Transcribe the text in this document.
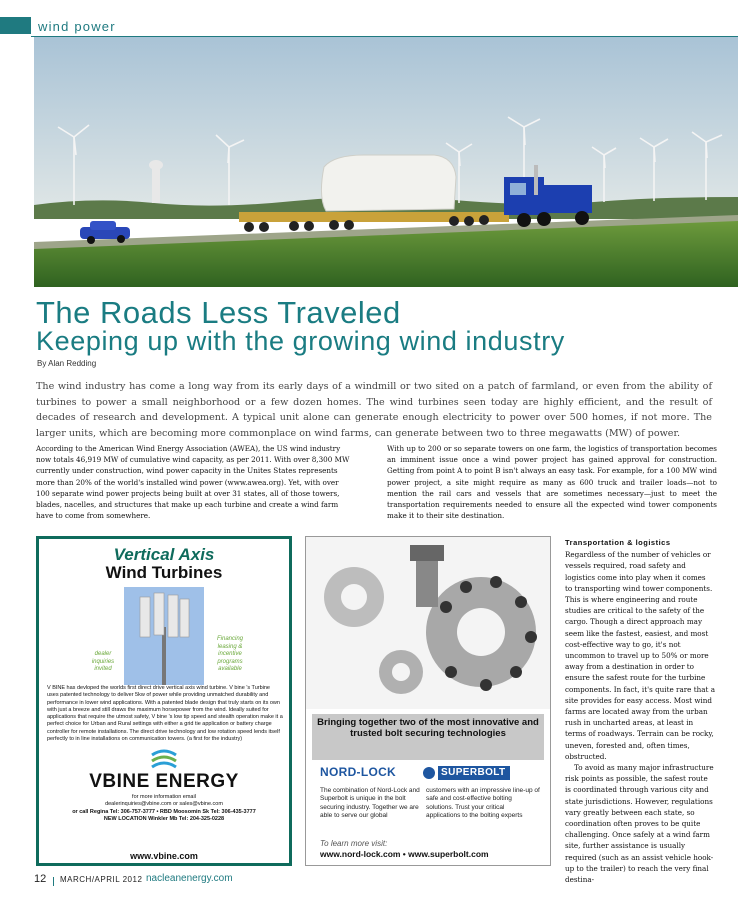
wind power
The Roads Less Traveled
Keeping up with the growing wind industry
By Alan Redding

The wind industry has come a long way from its early days of a windmill or two sited on a patch of farmland, or even from the ability of turbines to power a small neighborhood or a few dozen homes. The wind turbines seen today are highly efficient, and the result of decades of research and development. A typical unit alone can generate enough electricity to power over 500 homes, if not more. The larger units, which are becoming more commonplace on wind farms, can generate between two to three megawatts (MW) of power.

According to the American Wind Energy Association (AWEA), the US wind industry now totals 46,919 MW of cumulative wind capacity, as per 2011. With over 8,300 MW currently under construction, wind power capacity in the Unites States represents more than 20% of the world's installed wind power (www.awea.org). Yet, with over 100 separate wind power projects being built at over 31 states, all of those towers, blades, nacelles, and structures that make up each turbine and create a wind farm have to come from somewhere.

With up to 200 or so separate towers on one farm, the logistics of transportation becomes an imminent issue once a wind power project has gained approval for construction. Getting from point A to point B isn't always an easy task. For example, for a 100 MW wind power project, a site might require as many as 600 truck and trailer loads—not to mention the rail cars and vessels that are sometimes necessary—just to meet the transportation requirements needed to ensure all the expected wind tower components make it to their site destination.

Transportation & logistics

Regardless of the number of vehicles or vessels required, road safety and logistics come into play when it comes to transporting wind tower components. This is where engineering and route studies are critical to the safety of the cargo. Though a direct approach may seem like the fastest, easiest, and most cost-effective way to go, it's not uncommon to travel up to 50% or more away from a destination in order to ensure the safest route for the turbine components. In fact, it's quite rare that a site provides for easy access. Most wind farms are located away from the urban rush in uncharted areas, at least in terms of roadways. Terrain can be rocky, uneven, forested and, often times, obstructed.

To avoid as many major infrastructure risk points as possible, the safest route is coordinated through various city and state jurisdictions. However, regulations vary greatly between each state, so coordination often proves to be quite challenging. Once safely at a wind farm site, further assistance is usually required (such as an assist vehicle hook-up to the trailer) to reach the very final destina-

Vertical Axis
Wind Turbines
dealer inquiries invited
Financing leasing & incentive programs available

V BINE has devloped the worlds first direct drive vertical axis wind turbine. V bine 's Turbine uses patented technology to deliver 5kw of power while providing unmatched durability and performance in lower wind applications. With a patented blade design that truly starts on its own with just a breeze and still draws the maximum horsepower from the wind. Ideally suited for applications that require the utmost safety, V bine 's low tip speed and stealth operation make it a perfect choice for Urban and Rural settings with either a grid tie application or battery charge controller for remote installations. The direct drive technology and low rotation speed lends itself perfectly to in line installations on communication towers. (a first for the industry)

VBINE ENERGY
for more information email
dealerinquiries@vbine.com or sales@vbine.com
or call Regina Tel: 306-757-3777 • RBD Moosomin Sk Tel: 306-435-3777
NEW LOCATION Winkler Mb Tel: 204-325-0228
www.vbine.com
Bringing together two of the most innovative and trusted bolt securing technologies
NORD-LOCK	SUPERBOLT
The combination of Nord-Lock and Superbolt is unique in the bolt securing industry. Together we are able to serve our global
customers with an impressive line-up of safe and cost-effective bolting solutions. Trust your critical applications to the bolting experts
To learn more visit:
www.nord-lock.com • www.superbolt.com
12 MARCH/APRIL 2012 nacleanenergy.com
